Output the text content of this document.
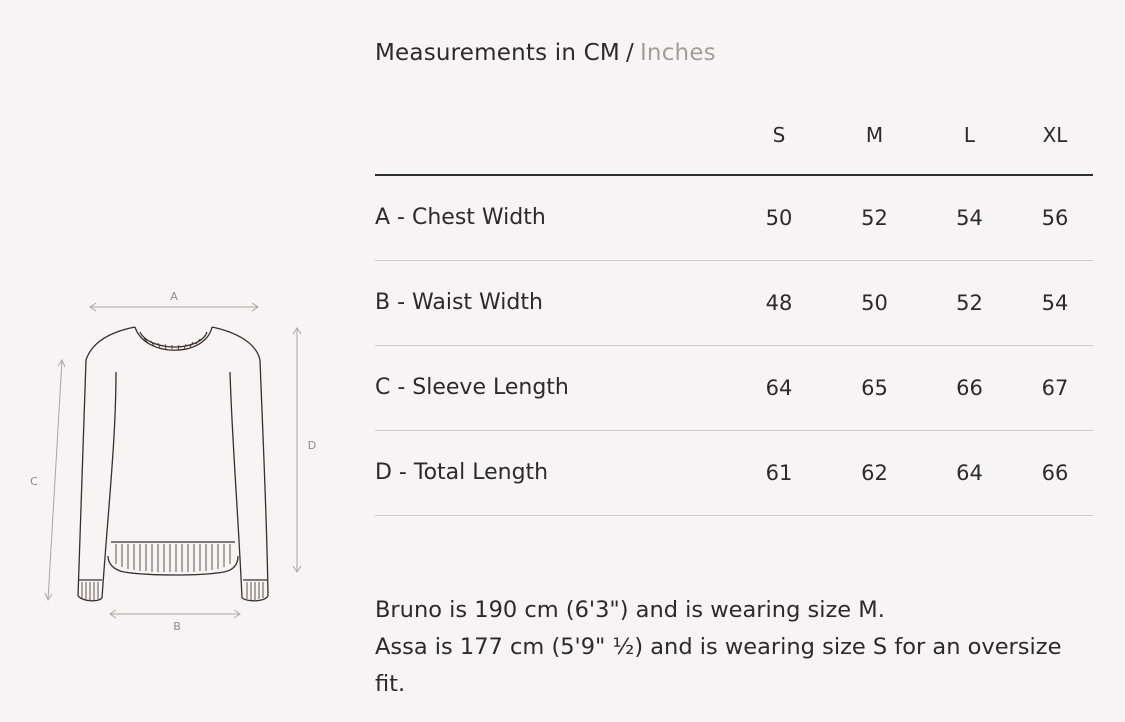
A
B
C
D
Measurements in CM / Inches
	S	M	L	XL
A - Chest Width	50	52	54	56
B - Waist Width	48	50	52	54
C - Sleeve Length	64	65	66	67
D - Total Length	61	62	64	66

Bruno is 190 cm (6'3") and is wearing size M.

Assa is 177 cm (5'9" ½) and is wearing size S for an oversize fit.
